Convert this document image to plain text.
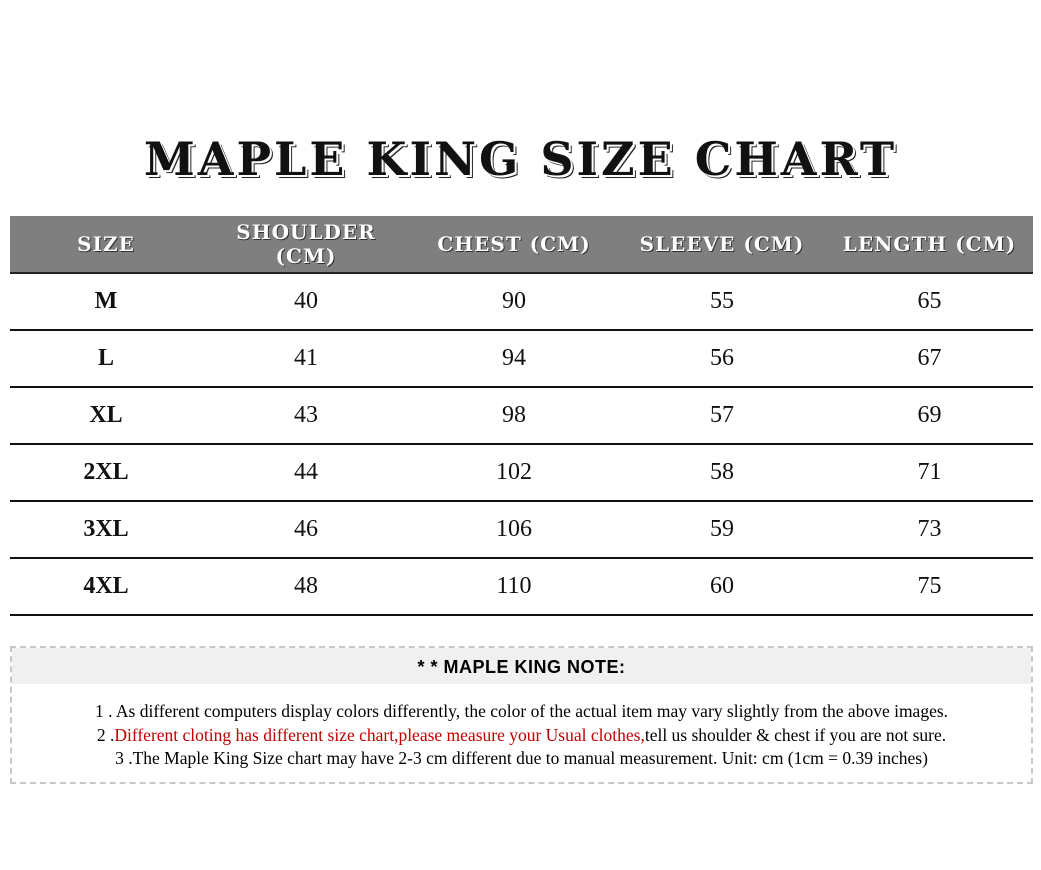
MAPLE KING SIZE CHART
SIZE	SHOULDER (CM)	CHEST (CM)	SLEEVE (CM)	LENGTH (CM)
M	40	90	55	65
L	41	94	56	67
XL	43	98	57	69
2XL	44	102	58	71
3XL	46	106	59	73
4XL	48	110	60	75
* * MAPLE KING NOTE:
1 . As different computers display colors differently, the color of the actual item may vary slightly from the above images.
2 .Different cloting has different size chart,please measure your Usual clothes,tell us shoulder & chest if you are not sure.
3 .The Maple King Size chart may have 2-3 cm different due to manual measurement. Unit: cm (1cm = 0.39 inches)
